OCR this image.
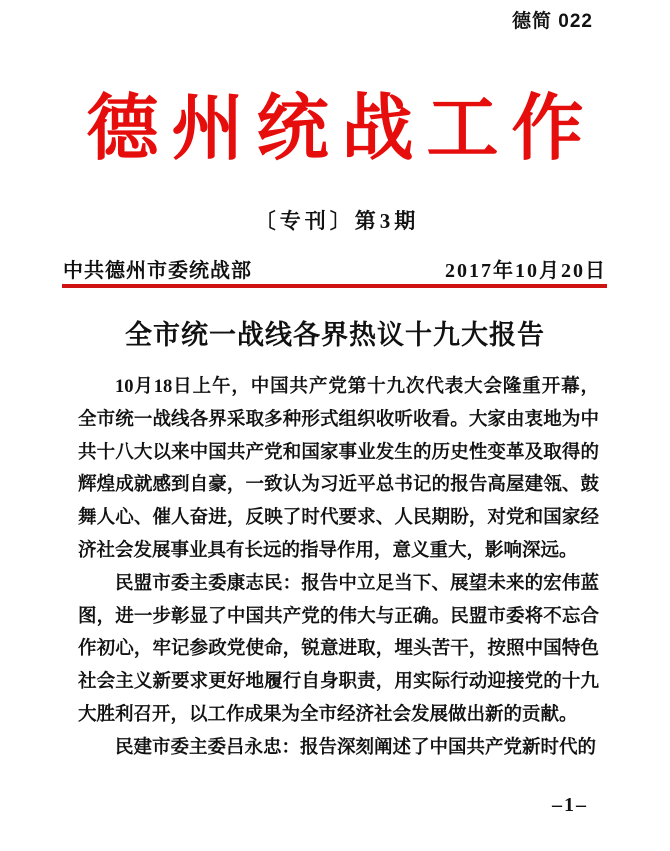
德简 022
德州统战工作
〔专刊〕第3期
中共德州市委统战部	2017年10月20日
全市统一战线各界热议十九大报告
10月18日上午，中国共产党第十九次代表大会隆重开幕，
全市统一战线各界采取多种形式组织收听收看。大家由衷地为中
共十八大以来中国共产党和国家事业发生的历史性变革及取得的
辉煌成就感到自豪，一致认为习近平总书记的报告高屋建瓴、鼓
舞人心、催人奋进，反映了时代要求、人民期盼，对党和国家经
济社会发展事业具有长远的指导作用，意义重大，影响深远。
民盟市委主委康志民：报告中立足当下、展望未来的宏伟蓝
图，进一步彰显了中国共产党的伟大与正确。民盟市委将不忘合
作初心，牢记参政党使命，锐意进取，埋头苦干，按照中国特色
社会主义新要求更好地履行自身职责，用实际行动迎接党的十九
大胜利召开，以工作成果为全市经济社会发展做出新的贡献。
民建市委主委吕永忠：报告深刻阐述了中国共产党新时代的
–1–
